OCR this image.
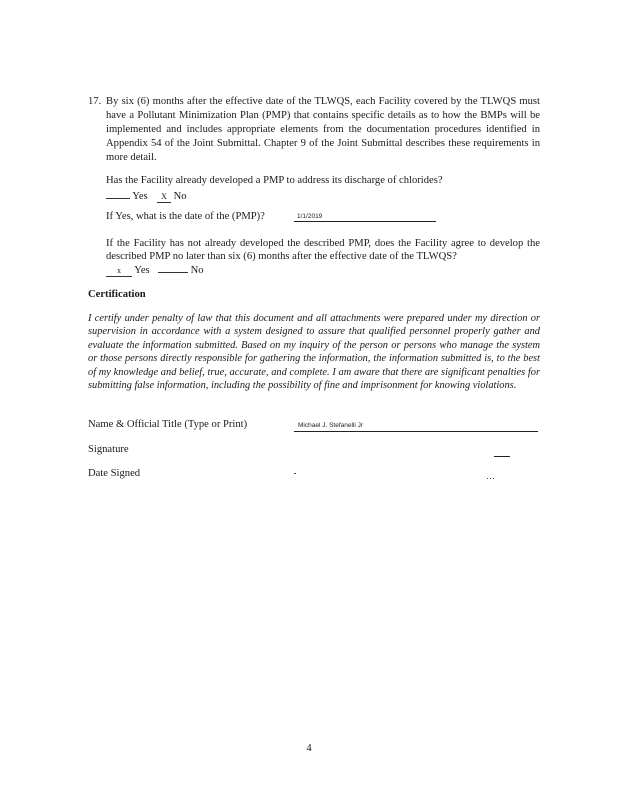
17. By six (6) months after the effective date of the TLWQS, each Facility covered by the TLWQS must have a Pollutant Minimization Plan (PMP) that contains specific details as to how the BMPs will be implemented and includes appropriate elements from the documentation procedures identified in Appendix 54 of the Joint Submittal. Chapter 9 of the Joint Submittal describes these requirements in more detail.
Has the Facility already developed a PMP to address its discharge of chlorides?
Yes X No
If Yes, what is the date of the (PMP)?	1/1/2019
If the Facility has not already developed the described PMP, does the Facility agree to develop the described PMP no later than six (6) months after the effective date of the TLWQS?
x Yes	No
Certification
I certify under penalty of law that this document and all attachments were prepared under my direction or supervision in accordance with a system designed to assure that qualified personnel properly gather and evaluate the information submitted. Based on my inquiry of the person or persons who manage the system or those persons directly responsible for gathering the information, the information submitted is, to the best of my knowledge and belief, true, accurate, and complete. I am aware that there are significant penalties for submitting false information, including the possibility of fine and imprisonment for knowing violations.
Name & Official Title (Type or Print)	Michael J. Stefanelli Jr
Signature
Date Signed
4
